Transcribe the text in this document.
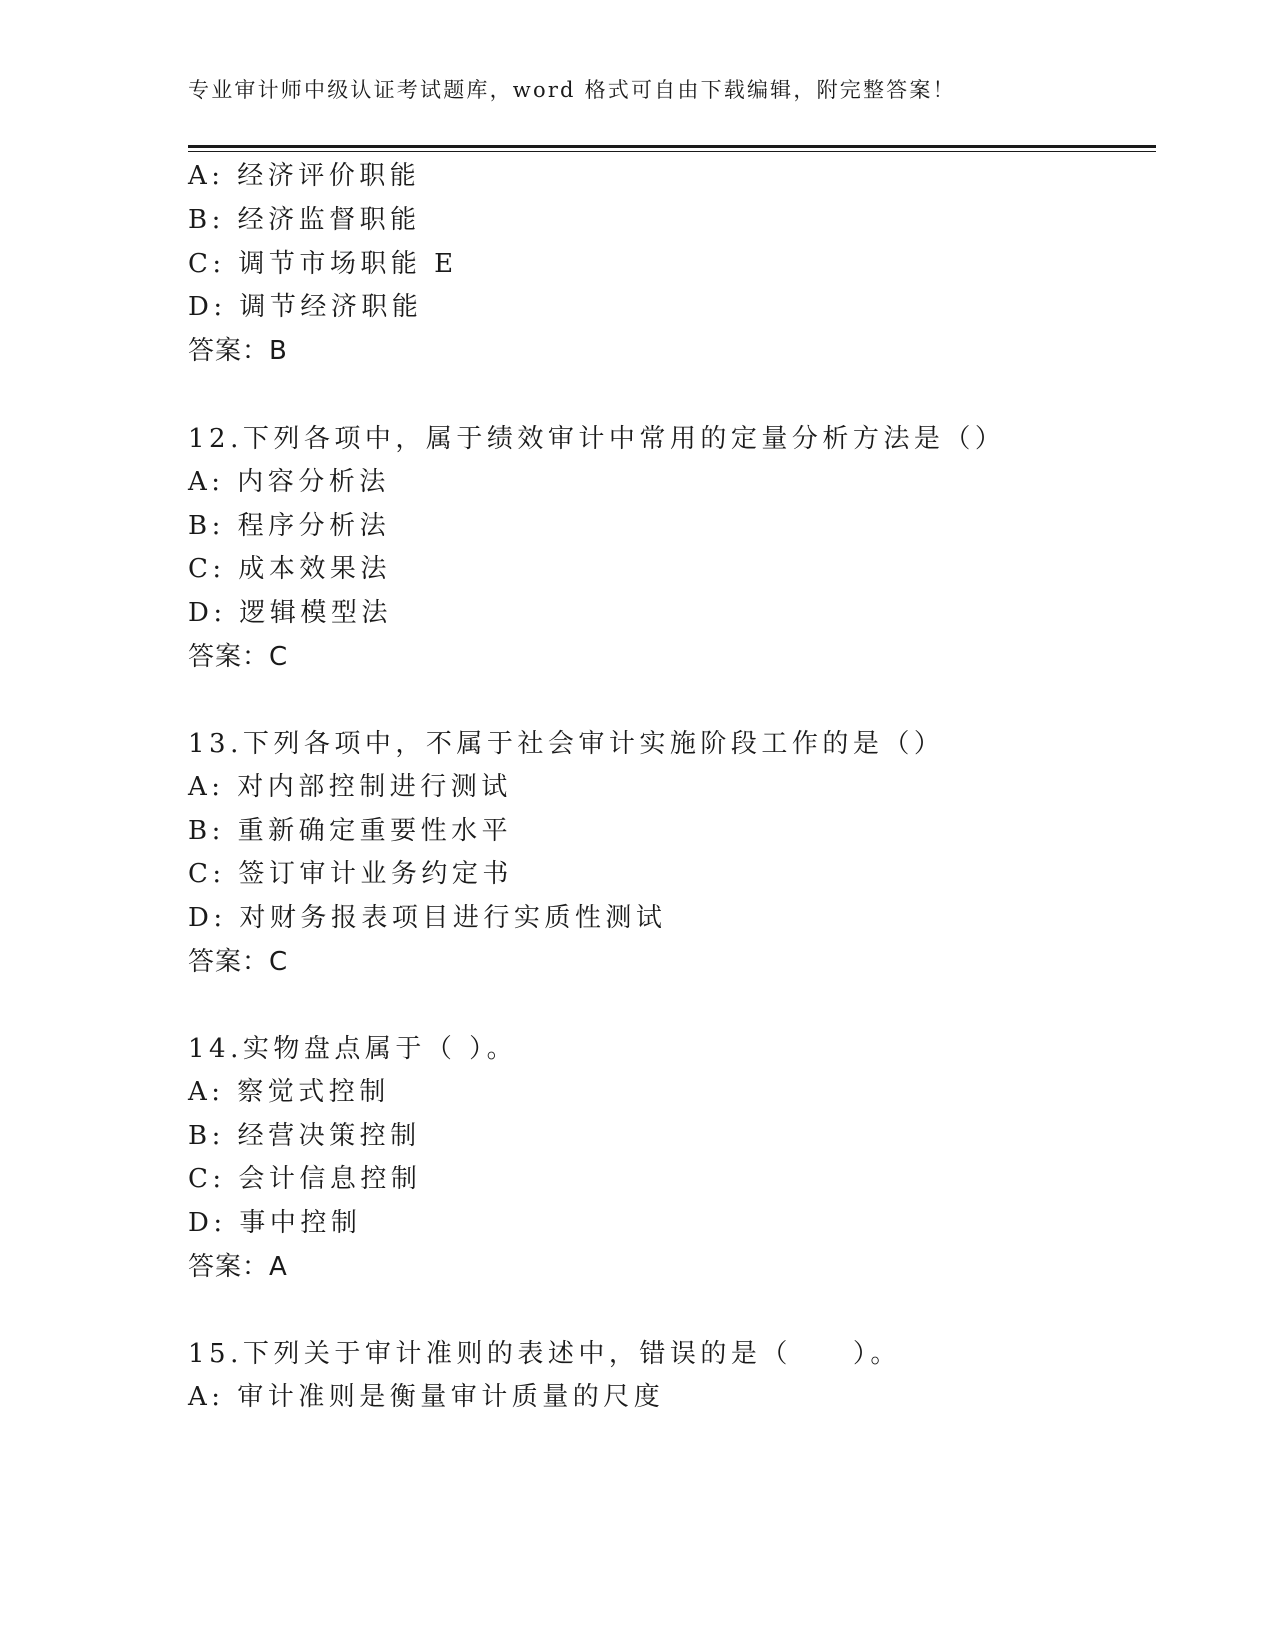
专业审计师中级认证考试题库，word 格式可自由下载编辑，附完整答案！
A: 经济评价职能
B: 经济监督职能
C: 调节市场职能 E
D: 调节经济职能
答案：B
12.下列各项中，属于绩效审计中常用的定量分析方法是（）
A: 内容分析法
B: 程序分析法
C: 成本效果法
D: 逻辑模型法
答案：C
13.下列各项中，不属于社会审计实施阶段工作的是（）
A: 对内部控制进行测试
B: 重新确定重要性水平
C: 签订审计业务约定书
D: 对财务报表项目进行实质性测试
答案：C
14.实物盘点属于（ ）。
A: 察觉式控制
B: 经营决策控制
C: 会计信息控制
D: 事中控制
答案：A
15.下列关于审计准则的表述中，错误的是（　　）。
A: 审计准则是衡量审计质量的尺度
